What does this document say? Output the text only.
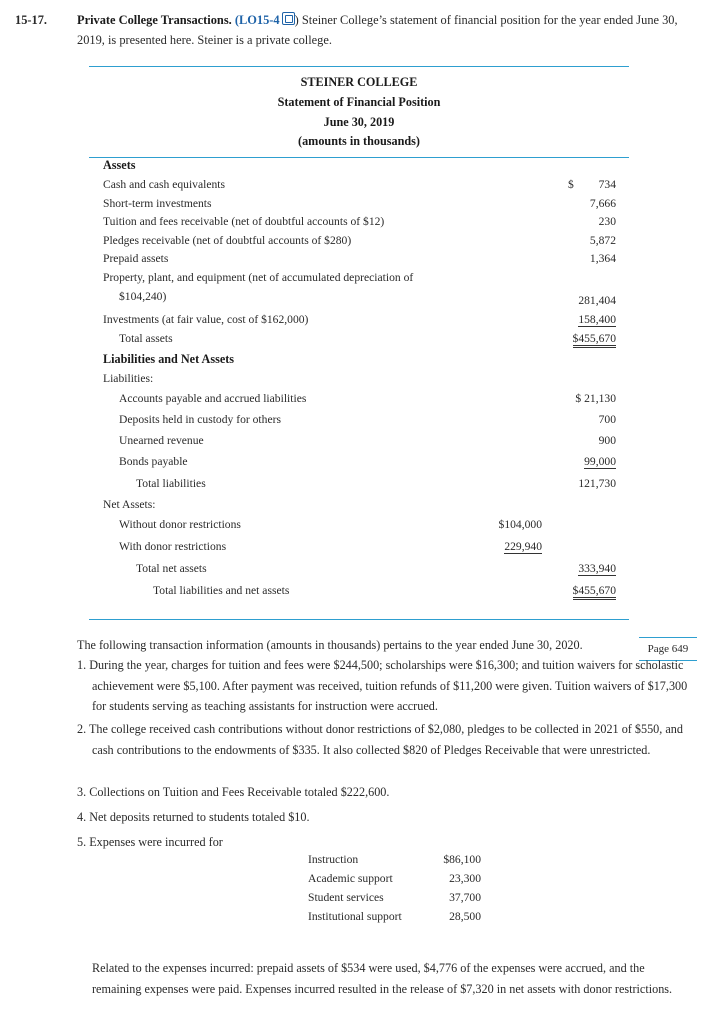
15-17. Private College Transactions. (LO15-4 ) Steiner College’s statement of financial position for the year ended June 30, 2019, is presented here. Steiner is a private college.
STEINER COLLEGE
Statement of Financial Position
June 30, 2019
(amounts in thousands)
Assets
Cash and cash equivalents	$ 734
Short-term investments	7,666
Tuition and fees receivable (net of doubtful accounts of $12)	230
Pledges receivable (net of doubtful accounts of $280)	5,872
Prepaid assets	1,364
Property, plant, and equipment (net of accumulated depreciation of
$104,240)	281,404
Investments (at fair value, cost of $162,000)	158,400
Total assets	$455,670
Liabilities and Net Assets
Liabilities:
Accounts payable and accrued liabilities	$ 21,130
Deposits held in custody for others	700
Unearned revenue	900
Bonds payable	99,000
Total liabilities	121,730
Net Assets:
Without donor restrictions	$104,000
With donor restrictions	229,940
Total net assets	333,940
Total liabilities and net assets	$455,670
Page 649
The following transaction information (amounts in thousands) pertains to the year ended June 30, 2020.
1. During the year, charges for tuition and fees were $244,500; scholarships were $16,300; and tuition waivers for scholastic achievement were $5,100. After payment was received, tuition refunds of $11,200 were given. Tuition waivers of $17,300 for students serving as teaching assistants for instruction were accrued.
2. The college received cash contributions without donor restrictions of $2,080, pledges to be collected in 2021 of $550, and cash contributions to the endowments of $335. It also collected $820 of Pledges Receivable that were unrestricted.
3. Collections on Tuition and Fees Receivable totaled $222,600.
4. Net deposits returned to students totaled $10.
5. Expenses were incurred for
Instruction	$86,100
Academic support	23,300
Student services	37,700
Institutional support	28,500
Related to the expenses incurred: prepaid assets of $534 were used, $4,776 of the expenses were accrued, and the remaining expenses were paid. Expenses incurred resulted in the release of $7,320 in net assets with donor restrictions.
